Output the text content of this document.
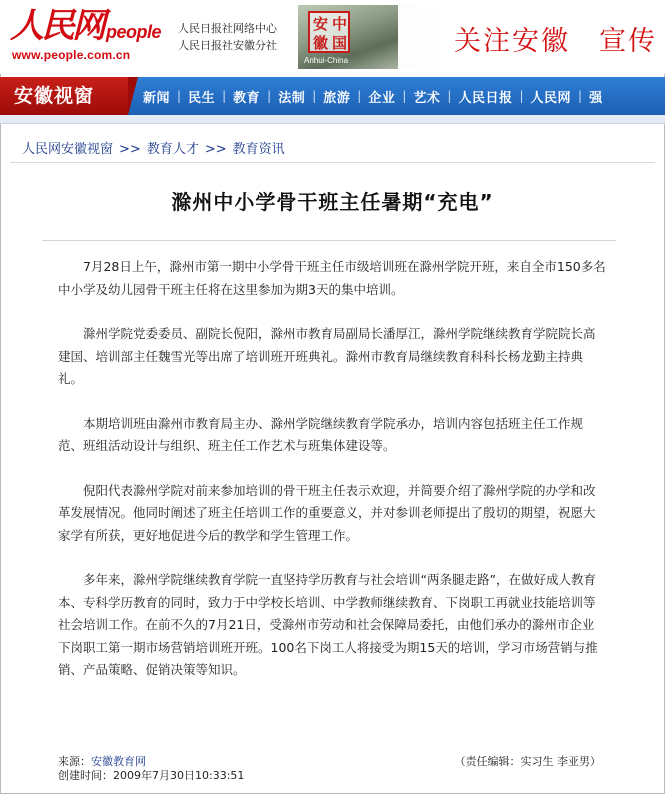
人民网 people
www.people.com.cn
人民日报社网络中心
人民日报社安徽分社
中
国
安
徽
Anhui-China
关注安徽　宣传
安徽视窗	新闻 | 民生 | 教育 | 法制 | 旅游 | 企业 | 艺术 | 人民日报 | 人民网 | 强
人民网安徽视窗 >> 教育人才 >> 教育资讯
滁州中小学骨干班主任暑期“充电”

7月28日上午，滁州市第一期中小学骨干班主任市级培训班在滁州学院开班，来自全市150多名中小学及幼儿园骨干班主任将在这里参加为期3天的集中培训。

滁州学院党委委员、副院长倪阳，滁州市教育局副局长潘厚江，滁州学院继续教育学院院长高建国、培训部主任魏雪光等出席了培训班开班典礼。滁州市教育局继续教育科科长杨龙勤主持典礼。

本期培训班由滁州市教育局主办、滁州学院继续教育学院承办，培训内容包括班主任工作规范、班组活动设计与组织、班主任工作艺术与班集体建设等。

倪阳代表滁州学院对前来参加培训的骨干班主任表示欢迎，并简要介绍了滁州学院的办学和改革发展情况。他同时阐述了班主任培训工作的重要意义，并对参训老师提出了殷切的期望，祝愿大家学有所获，更好地促进今后的教学和学生管理工作。

多年来，滁州学院继续教育学院一直坚持学历教育与社会培训“两条腿走路”，在做好成人教育本、专科学历教育的同时，致力于中学校长培训、中学教师继续教育、下岗职工再就业技能培训等社会培训工作。在前不久的7月21日，受滁州市劳动和社会保障局委托，由他们承办的滁州市企业下岗职工第一期市场营销培训班开班。100名下岗工人将接受为期15天的培训，学习市场营销与推销、产品策略、促销决策等知识。

来源：安徽教育网
创建时间：2009年7月30日10:33:51
（责任编辑：实习生 李亚男）
